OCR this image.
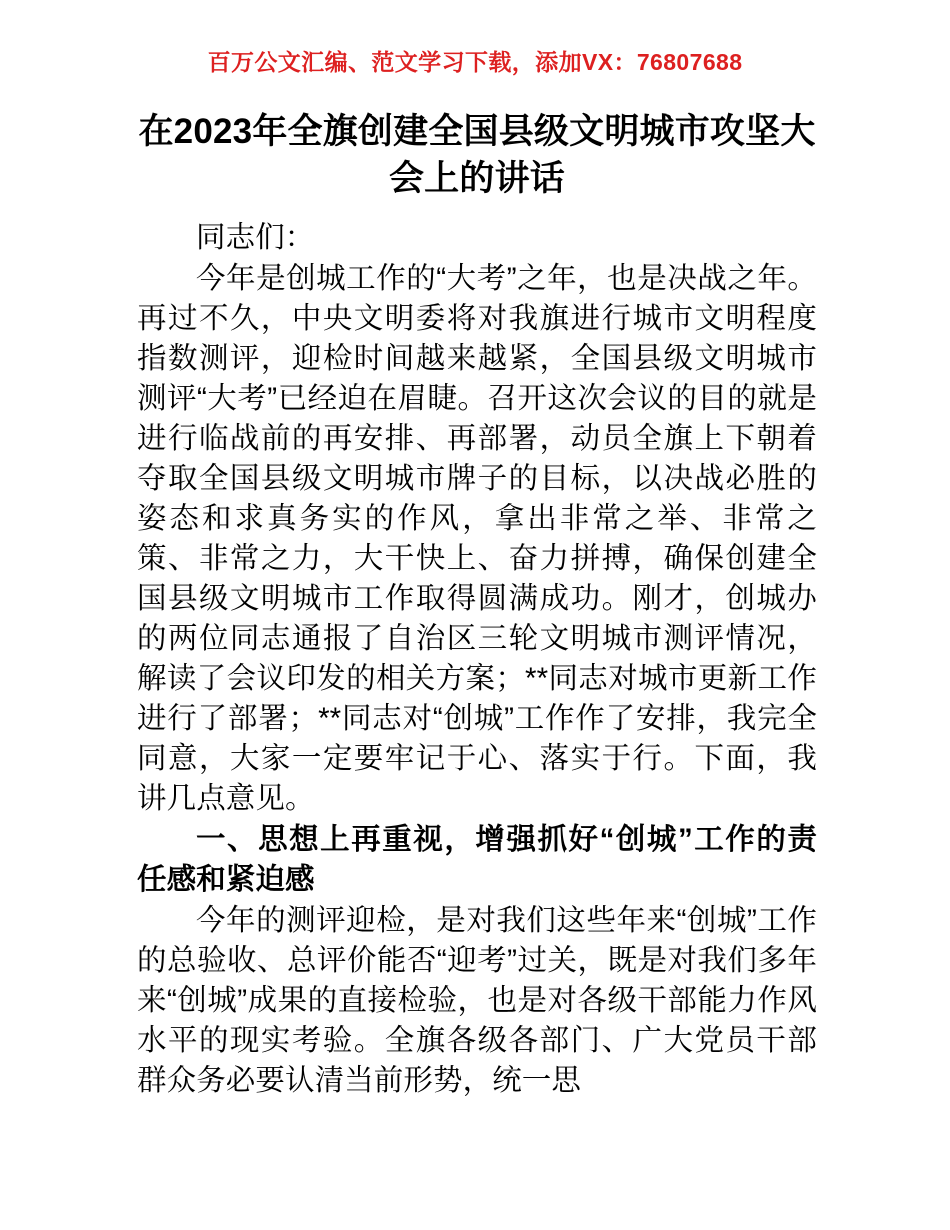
百万公文汇编、范文学习下载，添加VX：76807688
在2023年全旗创建全国县级文明城市攻坚大会上的讲话

同志们：

今年是创城工作的“大考”之年，也是决战之年。再过不久，中央文明委将对我旗进行城市文明程度指数测评，迎检时间越来越紧，全国县级文明城市测评“大考”已经迫在眉睫。召开这次会议的目的就是进行临战前的再安排、再部署，动员全旗上下朝着夺取全国县级文明城市牌子的目标，以决战必胜的姿态和求真务实的作风，拿出非常之举、非常之策、非常之力，大干快上、奋力拼搏，确保创建全国县级文明城市工作取得圆满成功。刚才，创城办的两位同志通报了自治区三轮文明城市测评情况，解读了会议印发的相关方案；**同志对城市更新工作进行了部署；**同志对“创城”工作作了安排，我完全同意，大家一定要牢记于心、落实于行。下面，我讲几点意见。

一、思想上再重视，增强抓好“创城”工作的责任感和紧迫感

今年的测评迎检，是对我们这些年来“创城”工作的总验收、总评价能否“迎考”过关，既是对我们多年来“创城”成果的直接检验，也是对各级干部能力作风水平的现实考验。全旗各级各部门、广大党员干部群众务必要认清当前形势，统一思
